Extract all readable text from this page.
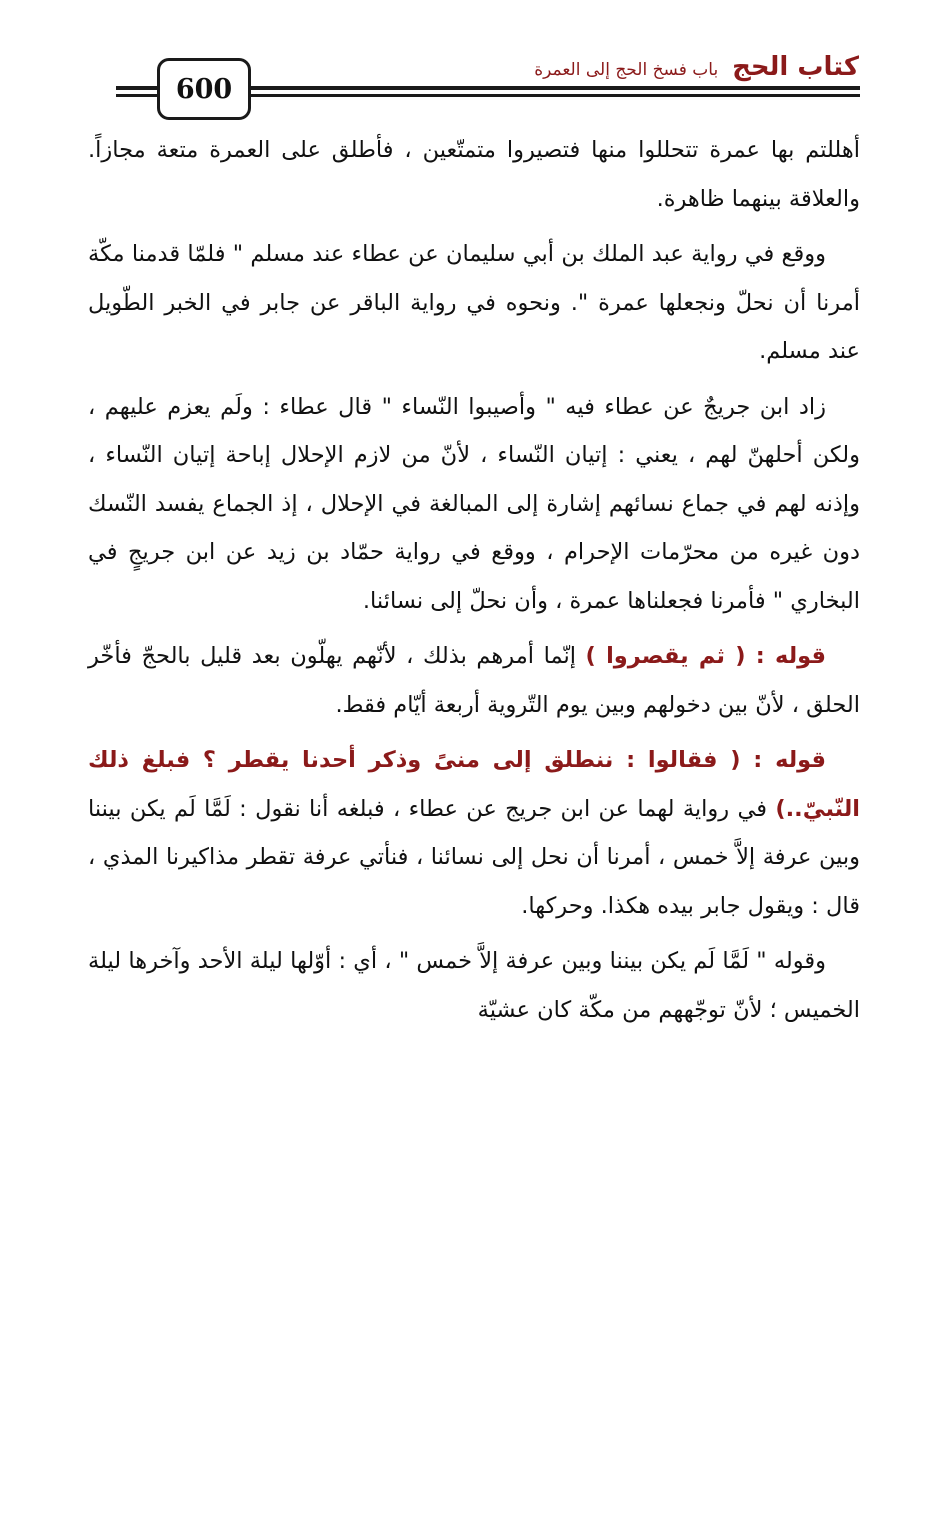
كتاب الحج
باب فسخ الحج إلى العمرة
600

أهللتم بها عمرة تتحللوا منها فتصيروا متمتّعين ، فأطلق على العمرة متعة مجازاً. والعلاقة بينهما ظاهرة.

ووقع في رواية عبد الملك بن أبي سليمان عن عطاء عند مسلم " فلمّا قدمنا مكّة أمرنا أن نحلّ ونجعلها عمرة ". ونحوه في رواية الباقر عن جابر في الخبر الطّويل عند مسلم.

زاد ابن جريجٌ عن عطاء فيه " وأصيبوا النّساء " قال عطاء : ولَم يعزم عليهم ، ولكن أحلهنّ لهم ، يعني : إتيان النّساء ، لأنّ من لازم الإحلال إباحة إتيان النّساء ، وإذنه لهم في جماع نسائهم إشارة إلى المبالغة في الإحلال ، إذ الجماع يفسد النّسك دون غيره من محرّمات الإحرام ، ووقع في رواية حمّاد بن زيد عن ابن جريجٍ في البخاري " فأمرنا فجعلناها عمرة ، وأن نحلّ إلى نسائنا.

قوله : ( ثم يقصروا ) إنّما أمرهم بذلك ، لأنّهم يهلّون بعد قليل بالحجّ فأخّر الحلق ، لأنّ بين دخولهم وبين يوم التّروية أربعة أيّام فقط.

قوله : ( فقالوا : ننطلق إلى منىً وذكر أحدنا يقطر ؟ فبلغ ذلك النّبيّ..) في رواية لهما عن ابن جريج عن عطاء ، فبلغه أنا نقول : لَمَّا لَم يكن بيننا وبين عرفة إلاَّ خمس ، أمرنا أن نحل إلى نسائنا ، فنأتي عرفة تقطر مذاكيرنا المذي ، قال : ويقول جابر بيده هكذا. وحركها.

وقوله " لَمَّا لَم يكن بيننا وبين عرفة إلاَّ خمس " ، أي : أوّلها ليلة الأحد وآخرها ليلة الخميس ؛ لأنّ توجّههم من مكّة كان عشيّة
